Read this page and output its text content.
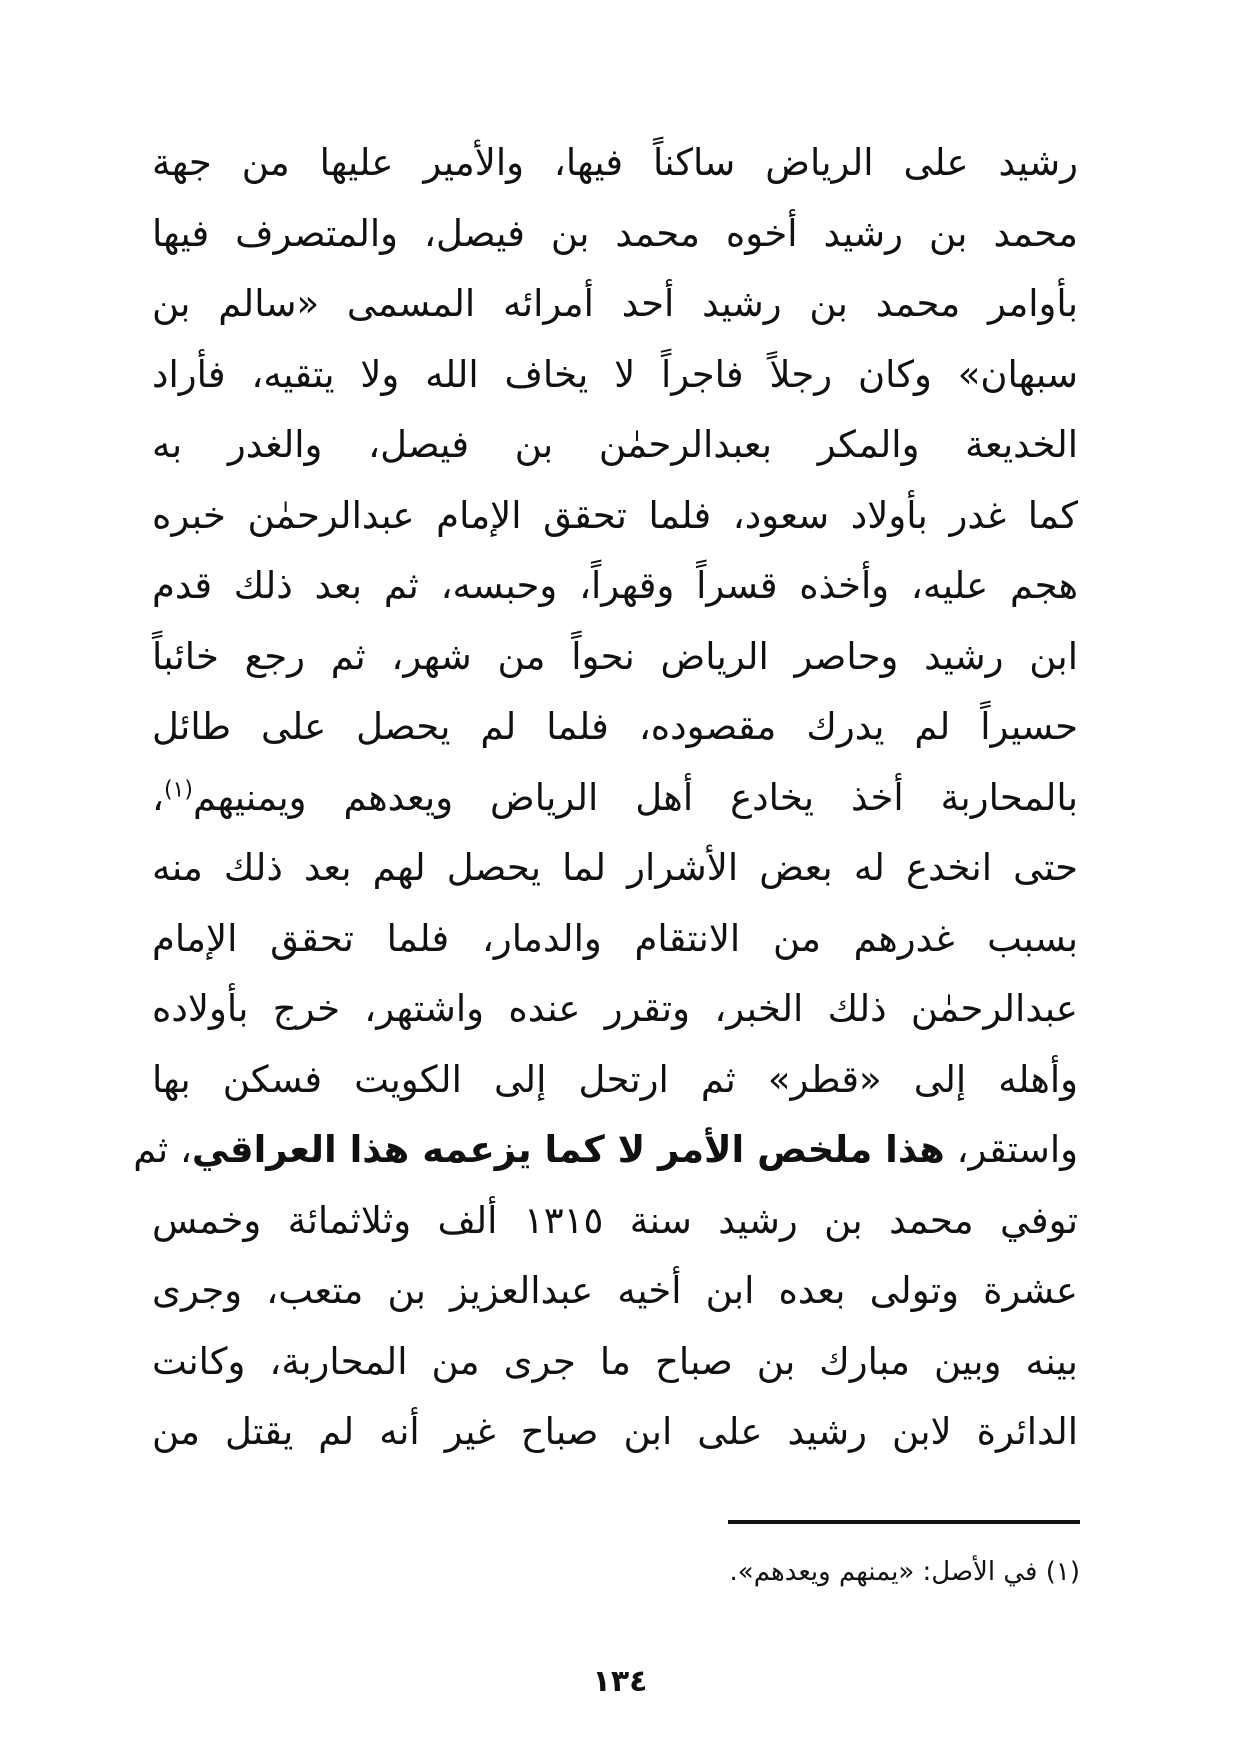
رشيد على الرياض ساكناً فيها، والأمير عليها من جهة
محمد بن رشيد أخوه محمد بن فيصل، والمتصرف فيها
بأوامر محمد بن رشيد أحد أمرائه المسمى «سالم بن
سبهان» وكان رجلاً فاجراً لا يخاف الله ولا يتقيه، فأراد
الخديعة والمكر بعبدالرحمٰن بن فيصل، والغدر به
كما غدر بأولاد سعود، فلما تحقق الإمام عبدالرحمٰن خبره
هجم عليه، وأخذه قسراً وقهراً، وحبسه، ثم بعد ذلك قدم
ابن رشيد وحاصر الرياض نحواً من شهر، ثم رجع خائباً
حسيراً لم يدرك مقصوده، فلما لم يحصل على طائل
بالمحاربة أخذ يخادع أهل الرياض ويعدهم ويمنيهم$^{(١)}$،
حتى انخدع له بعض الأشرار لما يحصل لهم بعد ذلك منه
بسبب غدرهم من الانتقام والدمار، فلما تحقق الإمام
عبدالرحمٰن ذلك الخبر، وتقرر عنده واشتهر، خرج بأولاده
وأهله إلى «قطر» ثم ارتحل إلى الكويت فسكن بها
واستقر، هذا ملخص الأمر لا كما يزعمه هذا العراقي، ثم
توفي محمد بن رشيد سنة ١٣١٥ ألف وثلاثمائة وخمس
عشرة وتولى بعده ابن أخيه عبدالعزيز بن متعب، وجرى
بينه وبين مبارك بن صباح ما جرى من المحاربة، وكانت
الدائرة لابن رشيد على ابن صباح غير أنه لم يقتل من
(١) في الأصل: «يمنهم ويعدهم».
١٣٤
